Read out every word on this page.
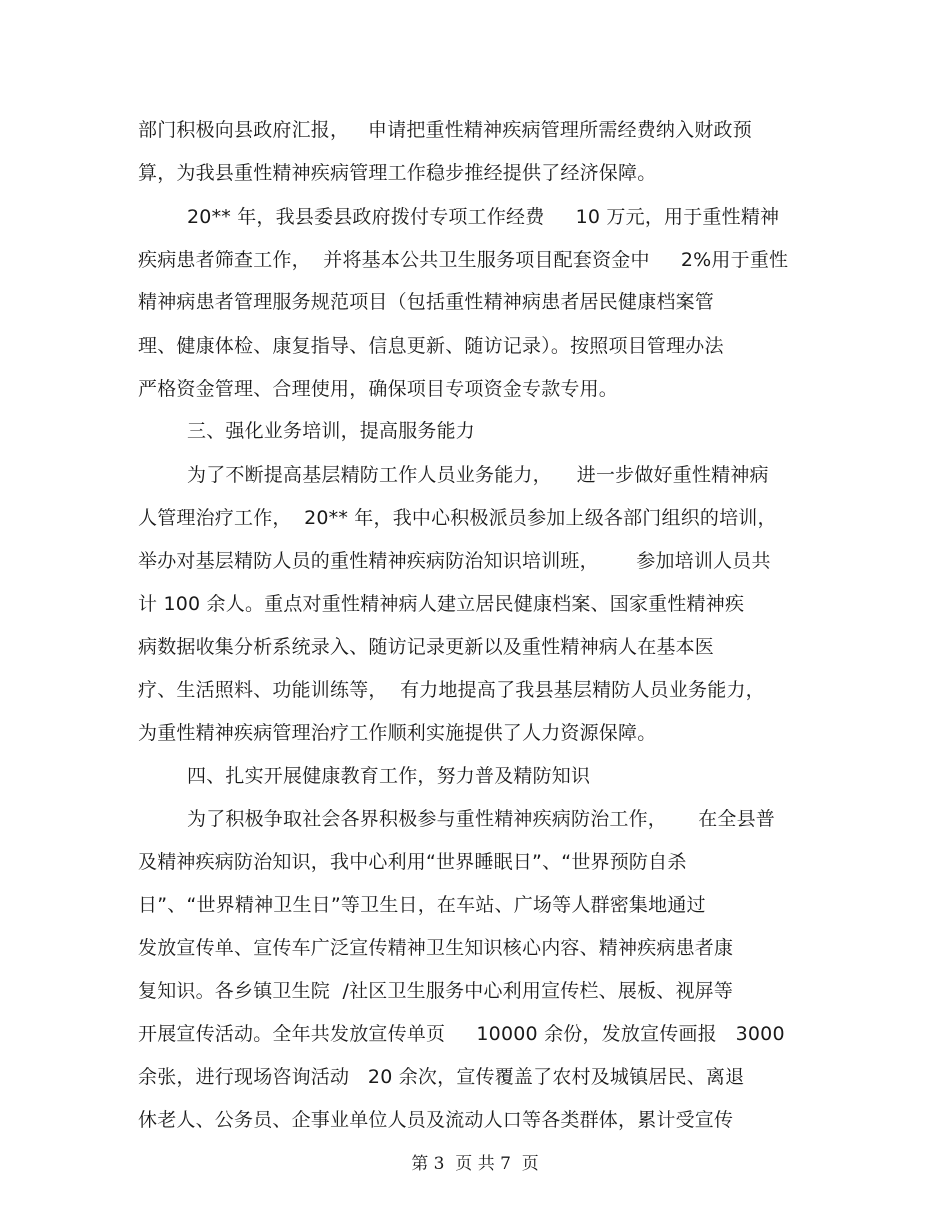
部门积极向县政府汇报，   申请把重性精神疾病管理所需经费纳入财政预
算，为我县重性精神疾病管理工作稳步推经提供了经济保障。
20** 年，我县委县政府拨付专项工作经费     10 万元，用于重性精神
疾病患者筛查工作，  并将基本公共卫生服务项目配套资金中     2%用于重性
精神病患者管理服务规范项目（包括重性精神病患者居民健康档案管
理、健康体检、康复指导、信息更新、随访记录）。按照项目管理办法
严格资金管理、合理使用，确保项目专项资金专款专用。
三、强化业务培训，提高服务能力
为了不断提高基层精防工作人员业务能力，    进一步做好重性精神病
人管理治疗工作，  20** 年，我中心积极派员参加上级各部门组织的培训，
举办对基层精防人员的重性精神疾病防治知识培训班，      参加培训人员共
计 100 余人。重点对重性精神病人建立居民健康档案、国家重性精神疾
病数据收集分析系统录入、随访记录更新以及重性精神病人在基本医
疗、生活照料、功能训练等，  有力地提高了我县基层精防人员业务能力，
为重性精神疾病管理治疗工作顺利实施提供了人力资源保障。
四、扎实开展健康教育工作，努力普及精防知识
为了积极争取社会各界积极参与重性精神疾病防治工作，     在全县普
及精神疾病防治知识，我中心利用“世界睡眠日”、“世界预防自杀
日”、“世界精神卫生日”等卫生日，在车站、广场等人群密集地通过
发放宣传单、宣传车广泛宣传精神卫生知识核心内容、精神疾病患者康
复知识。各乡镇卫生院  /社区卫生服务中心利用宣传栏、展板、视屏等
开展宣传活动。全年共发放宣传单页     10000 余份，发放宣传画报   3000
余张，进行现场咨询活动   20 余次，宣传覆盖了农村及城镇居民、离退
休老人、公务员、企事业单位人员及流动人口等各类群体，累计受宣传
第 3  页 共 7  页
